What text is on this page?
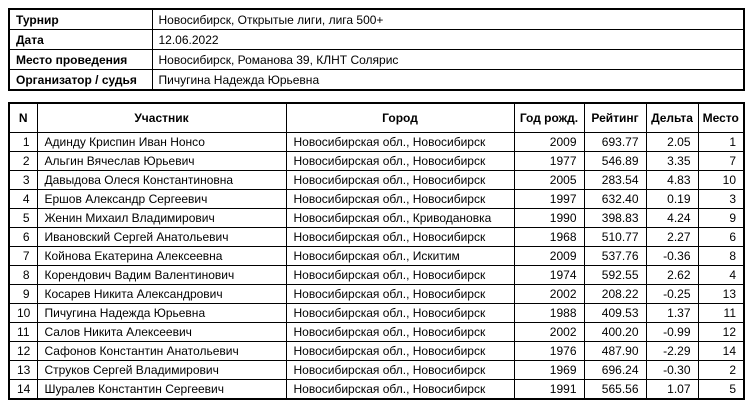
Турнир	Новосибирск, Открытые лиги, лига 500+
Дата	12.06.2022
Место проведения	Новосибирск, Романова 39, КЛНТ Солярис
Организатор / судья	Пичугина Надежда Юрьевна
N	Участник	Город	Год рожд.	Рейтинг	Дельта	Место
1	Адинду Криспин Иван Нонсо	Новосибирская обл., Новосибирск	2009	693.77	2.05	1
2	Альгин Вячеслав Юрьевич	Новосибирская обл., Новосибирск	1977	546.89	3.35	7
3	Давыдова Олеся Константиновна	Новосибирская обл., Новосибирск	2005	283.54	4.83	10
4	Ершов Александр Сергеевич	Новосибирская обл., Новосибирск	1997	632.40	0.19	3
5	Женин Михаил Владимирович	Новосибирская обл., Криводановка	1990	398.83	4.24	9
6	Ивановский Сергей Анатольевич	Новосибирская обл., Новосибирск	1968	510.77	2.27	6
7	Койнова Екатерина Алексеевна	Новосибирская обл., Искитим	2009	537.76	-0.36	8
8	Корендович Вадим Валентинович	Новосибирская обл., Новосибирск	1974	592.55	2.62	4
9	Косарев Никита Александрович	Новосибирская обл., Новосибирск	2002	208.22	-0.25	13
10	Пичугина Надежда Юрьевна	Новосибирская обл., Новосибирск	1988	409.53	1.37	11
11	Салов Никита Алексеевич	Новосибирская обл., Новосибирск	2002	400.20	-0.99	12
12	Сафонов Константин Анатольевич	Новосибирская обл., Новосибирск	1976	487.90	-2.29	14
13	Струков Сергей Владимирович	Новосибирская обл., Новосибирск	1969	696.24	-0.30	2
14	Шуралев Константин Сергеевич	Новосибирская обл., Новосибирск	1991	565.56	1.07	5
